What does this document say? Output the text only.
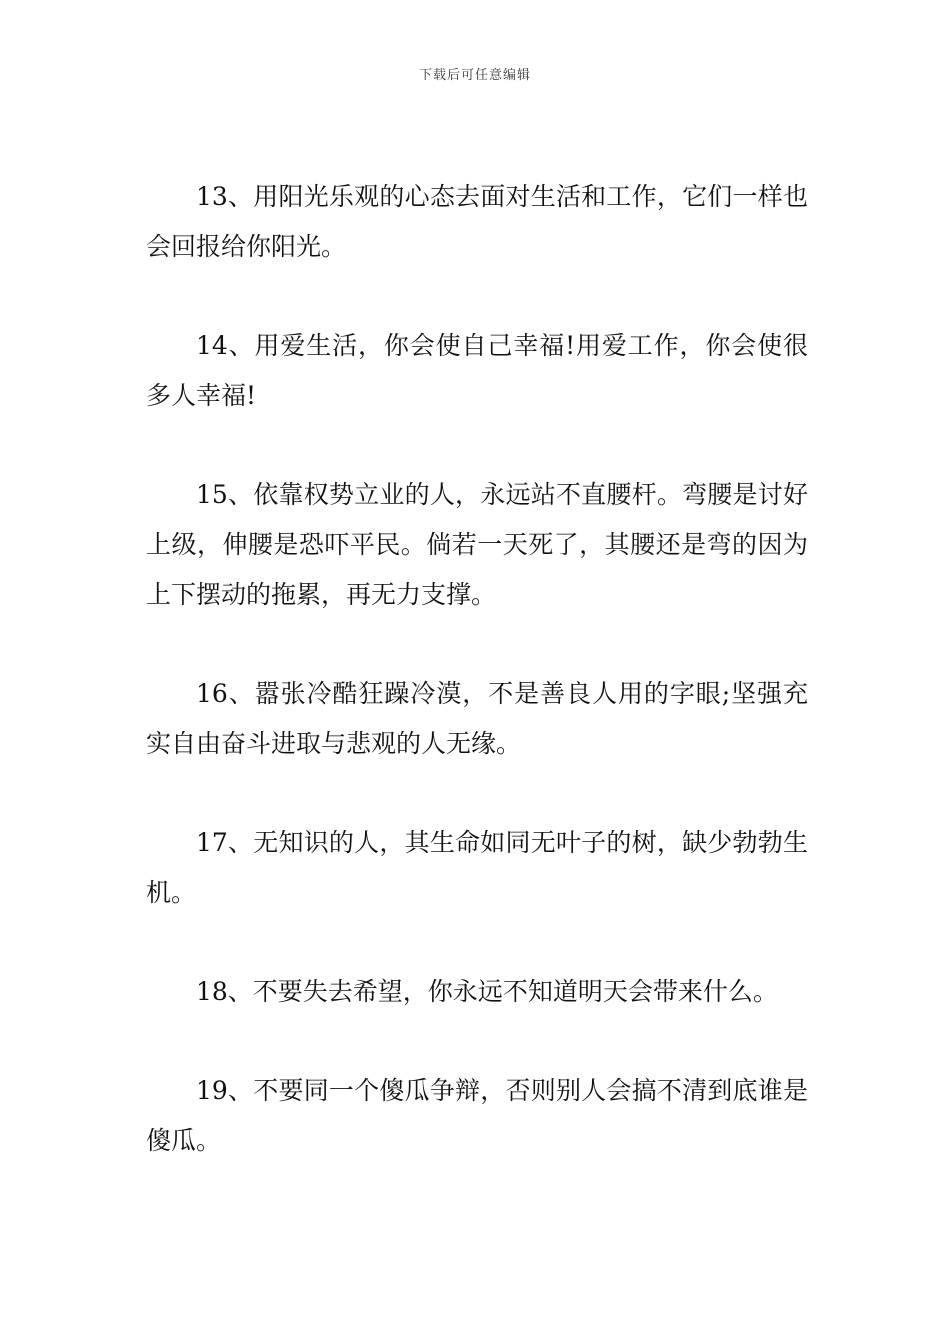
下载后可任意编辑

13、用阳光乐观的心态去面对生活和工作，它们一样也会回报给你阳光。

14、用爱生活，你会使自己幸福!用爱工作，你会使很多人幸福!

15、依靠权势立业的人，永远站不直腰杆。弯腰是讨好上级，伸腰是恐吓平民。倘若一天死了，其腰还是弯的因为上下摆动的拖累，再无力支撑。

16、嚣张冷酷狂躁冷漠，不是善良人用的字眼;坚强充实自由奋斗进取与悲观的人无缘。

17、无知识的人，其生命如同无叶子的树，缺少勃勃生机。

18、不要失去希望，你永远不知道明天会带来什么。

19、不要同一个傻瓜争辩，否则别人会搞不清到底谁是傻瓜。
